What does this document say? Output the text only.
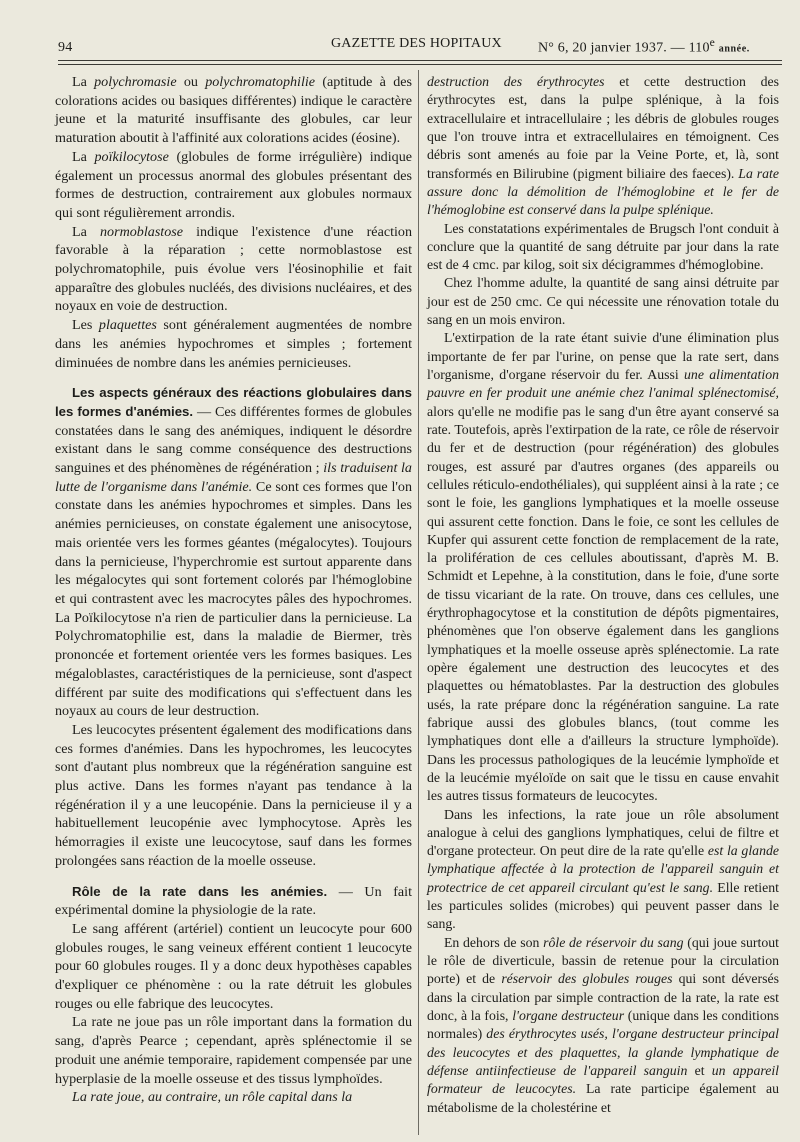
94	GAZETTE DES HOPITAUX	N° 6, 20 janvier 1937. — 110e année.

La polychromasie ou polychromatophilie (aptitude à des colorations acides ou basiques différentes) indique le caractère jeune et la maturité insuffisante des globules, car leur maturation aboutit à l'affinité aux colorations acides (éosine).

La poïkilocytose (globules de forme irrégulière) indique également un processus anormal des globules présentant des formes de destruction, contrairement aux globules normaux qui sont régulièrement arrondis.

La normoblastose indique l'existence d'une réaction favorable à la réparation ; cette normoblastose est polychromatophile, puis évolue vers l'éosinophilie et fait apparaître des globules nucléés, des divisions nucléaires, et des noyaux en voie de destruction.

Les plaquettes sont généralement augmentées de nombre dans les anémies hypochromes et simples ; fortement diminuées de nombre dans les anémies pernicieuses.

Les aspects généraux des réactions globulaires dans les formes d'anémies. — Ces différentes formes de globules constatées dans le sang des anémiques, indiquent le désordre existant dans le sang comme conséquence des destructions sanguines et des phénomènes de régénération ; ils traduisent la lutte de l'organisme dans l'anémie. Ce sont ces formes que l'on constate dans les anémies hypochromes et simples. Dans les anémies pernicieuses, on constate également une anisocytose, mais orientée vers les formes géantes (mégalocytes). Toujours dans la pernicieuse, l'hyperchromie est surtout apparente dans les mégalocytes qui sont fortement colorés par l'hémoglobine et qui contrastent avec les macrocytes pâles des hypochromes. La Poïkilocytose n'a rien de particulier dans la pernicieuse. La Polychromatophilie est, dans la maladie de Biermer, très prononcée et fortement orientée vers les formes basiques. Les mégaloblastes, caractéristiques de la pernicieuse, sont d'aspect différent par suite des modifications qui s'effectuent dans les noyaux au cours de leur destruction.

Les leucocytes présentent également des modifications dans ces formes d'anémies. Dans les hypochromes, les leucocytes sont d'autant plus nombreux que la régénération sanguine est plus active. Dans les formes n'ayant pas tendance à la régénération il y a une leucopénie. Dans la pernicieuse il y a habituellement leucopénie avec lymphocytose. Après les hémorragies il existe une leucocytose, sauf dans les formes prolongées sans réaction de la moelle osseuse.

Rôle de la rate dans les anémies. — Un fait expérimental domine la physiologie de la rate.

Le sang afférent (artériel) contient un leucocyte pour 600 globules rouges, le sang veineux efférent contient 1 leucocyte pour 60 globules rouges. Il y a donc deux hypothèses capables d'expliquer ce phénomène : ou la rate détruit les globules rouges ou elle fabrique des leucocytes.

La rate ne joue pas un rôle important dans la formation du sang, d'après Pearce ; cependant, après splénectomie il se produit une anémie temporaire, rapidement compensée par une hyperplasie de la moelle osseuse et des tissus lymphoïdes.

La rate joue, au contraire, un rôle capital dans la

destruction des érythrocytes et cette destruction des érythrocytes est, dans la pulpe splénique, à la fois extracellulaire et intracellulaire ; les débris de globules rouges que l'on trouve intra et extracellulaires en témoignent. Ces débris sont amenés au foie par la Veine Porte, et, là, sont transformés en Bilirubine (pigment biliaire des faeces). La rate assure donc la démolition de l'hémoglobine et le fer de l'hémoglobine est conservé dans la pulpe splénique.

Les constatations expérimentales de Brugsch l'ont conduit à conclure que la quantité de sang détruite par jour dans la rate est de 4 cmc. par kilog, soit six décigrammes d'hémoglobine.

Chez l'homme adulte, la quantité de sang ainsi détruite par jour est de 250 cmc. Ce qui nécessite une rénovation totale du sang en un mois environ.

L'extirpation de la rate étant suivie d'une élimination plus importante de fer par l'urine, on pense que la rate sert, dans l'organisme, d'organe réservoir du fer. Aussi une alimentation pauvre en fer produit une anémie chez l'animal splénectomisé, alors qu'elle ne modifie pas le sang d'un être ayant conservé sa rate. Toutefois, après l'extirpation de la rate, ce rôle de réservoir du fer et de destruction (pour régénération) des globules rouges, est assuré par d'autres organes (des appareils ou cellules réticulo-endothéliales), qui suppléent ainsi à la rate ; ce sont le foie, les ganglions lymphatiques et la moelle osseuse qui assurent cette fonction. Dans le foie, ce sont les cellules de Kupfer qui assurent cette fonction de remplacement de la rate, la prolifération de ces cellules aboutissant, d'après M. B. Schmidt et Lepehne, à la constitution, dans le foie, d'une sorte de tissu vicariant de la rate. On trouve, dans ces cellules, une érythrophagocytose et la constitution de dépôts pigmentaires, phénomènes que l'on observe également dans les ganglions lymphatiques et la moelle osseuse après splénectomie. La rate opère également une destruction des leucocytes et des plaquettes ou hématoblastes. Par la destruction des globules usés, la rate prépare donc la régénération sanguine. La rate fabrique aussi des globules blancs, (tout comme les lymphatiques dont elle a d'ailleurs la structure lymphoïde). Dans les processus pathologiques de la leucémie lymphoïde et de la leucémie myéloïde on sait que le tissu en cause envahit les autres tissus formateurs de leucocytes.

Dans les infections, la rate joue un rôle absolument analogue à celui des ganglions lymphatiques, celui de filtre et d'organe protecteur. On peut dire de la rate qu'elle est la glande lymphatique affectée à la protection de l'appareil sanguin et protectrice de cet appareil circulant qu'est le sang. Elle retient les particules solides (microbes) qui peuvent passer dans le sang.

En dehors de son rôle de réservoir du sang (qui joue surtout le rôle de diverticule, bassin de retenue pour la circulation porte) et de réservoir des globules rouges qui sont déversés dans la circulation par simple contraction de la rate, la rate est donc, à la fois, l'organe destructeur (unique dans les conditions normales) des érythrocytes usés, l'organe destructeur principal des leucocytes et des plaquettes, la glande lymphatique de défense antiinfectieuse de l'appareil sanguin et un appareil formateur de leucocytes. La rate participe également au métabolisme de la cholestérine et
